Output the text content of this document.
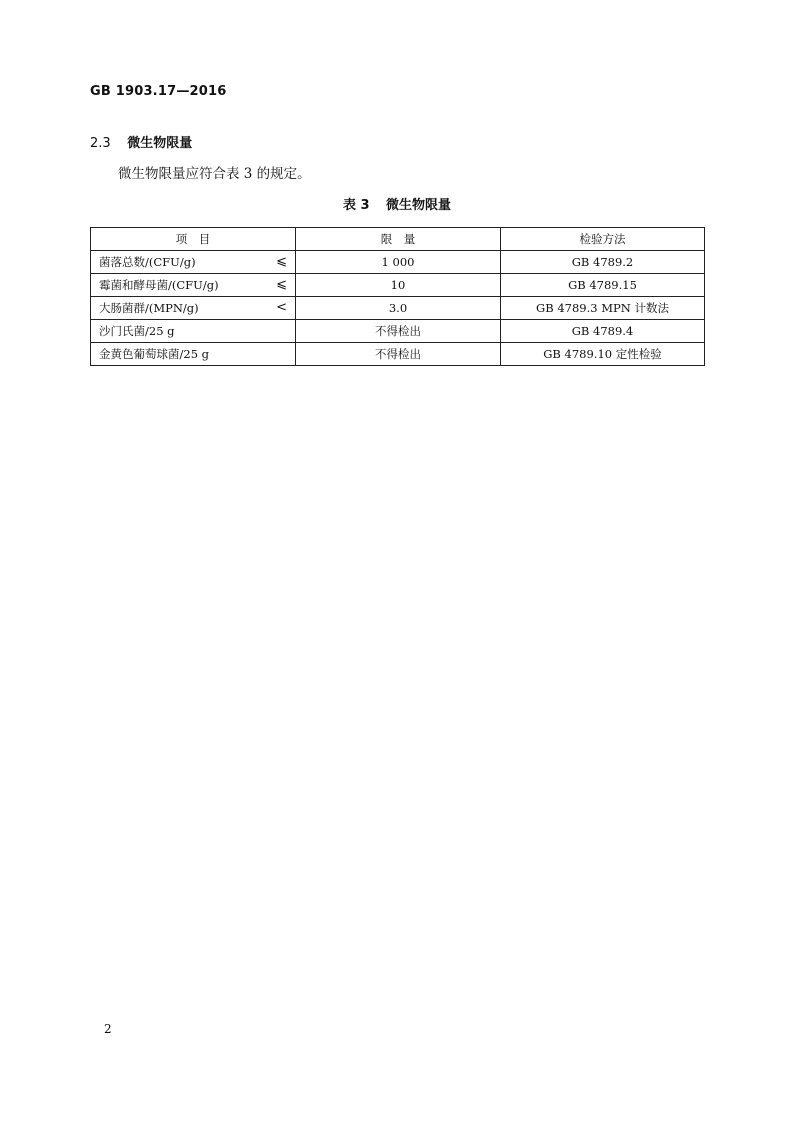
GB 1903.17—2016
2.3 微生物限量
微生物限量应符合表 3 的规定。
表 3 微生物限量
项　目	限　量	检验方法
菌落总数/(CFU/g) ⩽	1 000	GB 4789.2
霉菌和酵母菌/(CFU/g) ⩽	10	GB 4789.15
大肠菌群/(MPN/g) <	3.0	GB 4789.3 MPN 计数法
沙门氏菌/25 g	不得检出	GB 4789.4
金黄色葡萄球菌/25 g	不得检出	GB 4789.10 定性检验
2
